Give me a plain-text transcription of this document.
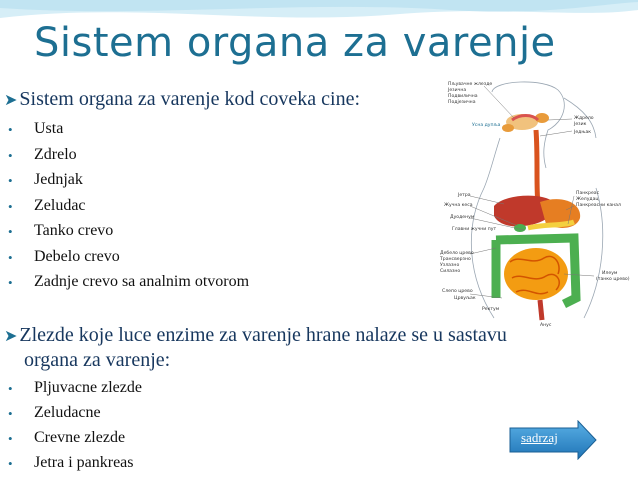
Sistem organa za varenje
➤ Sistem organa za varenje kod coveka cine:
• Usta
• Zdrelo
• Jednjak
• Zeludac
• Tanko crevo
• Debelo crevo
• Zadnje crevo sa analnim otvorom
➤ Zlezde koje luce enzime za varenje hrane nalaze se u sastavu
organa za varenje:
• Pljuvacne zlezde
• Zeludacne
• Crevne zlezde
• Jetra i pankreas
Пљувачне жлезде
Језична
Подвилична
Подјезична
Усна дупља
Ждрело
Језик
Једњак
Панкреас
Желудац
Панкреасни канал
Јетра
Жучна кеса
Дуоденум
Главни жучни пут
Дебело црево
Трансверзно
Узлазно
Силазно
Слепо црево
Црвуљак
Ректум
Анус
Илеум
(танко црево)
sadrzaj
